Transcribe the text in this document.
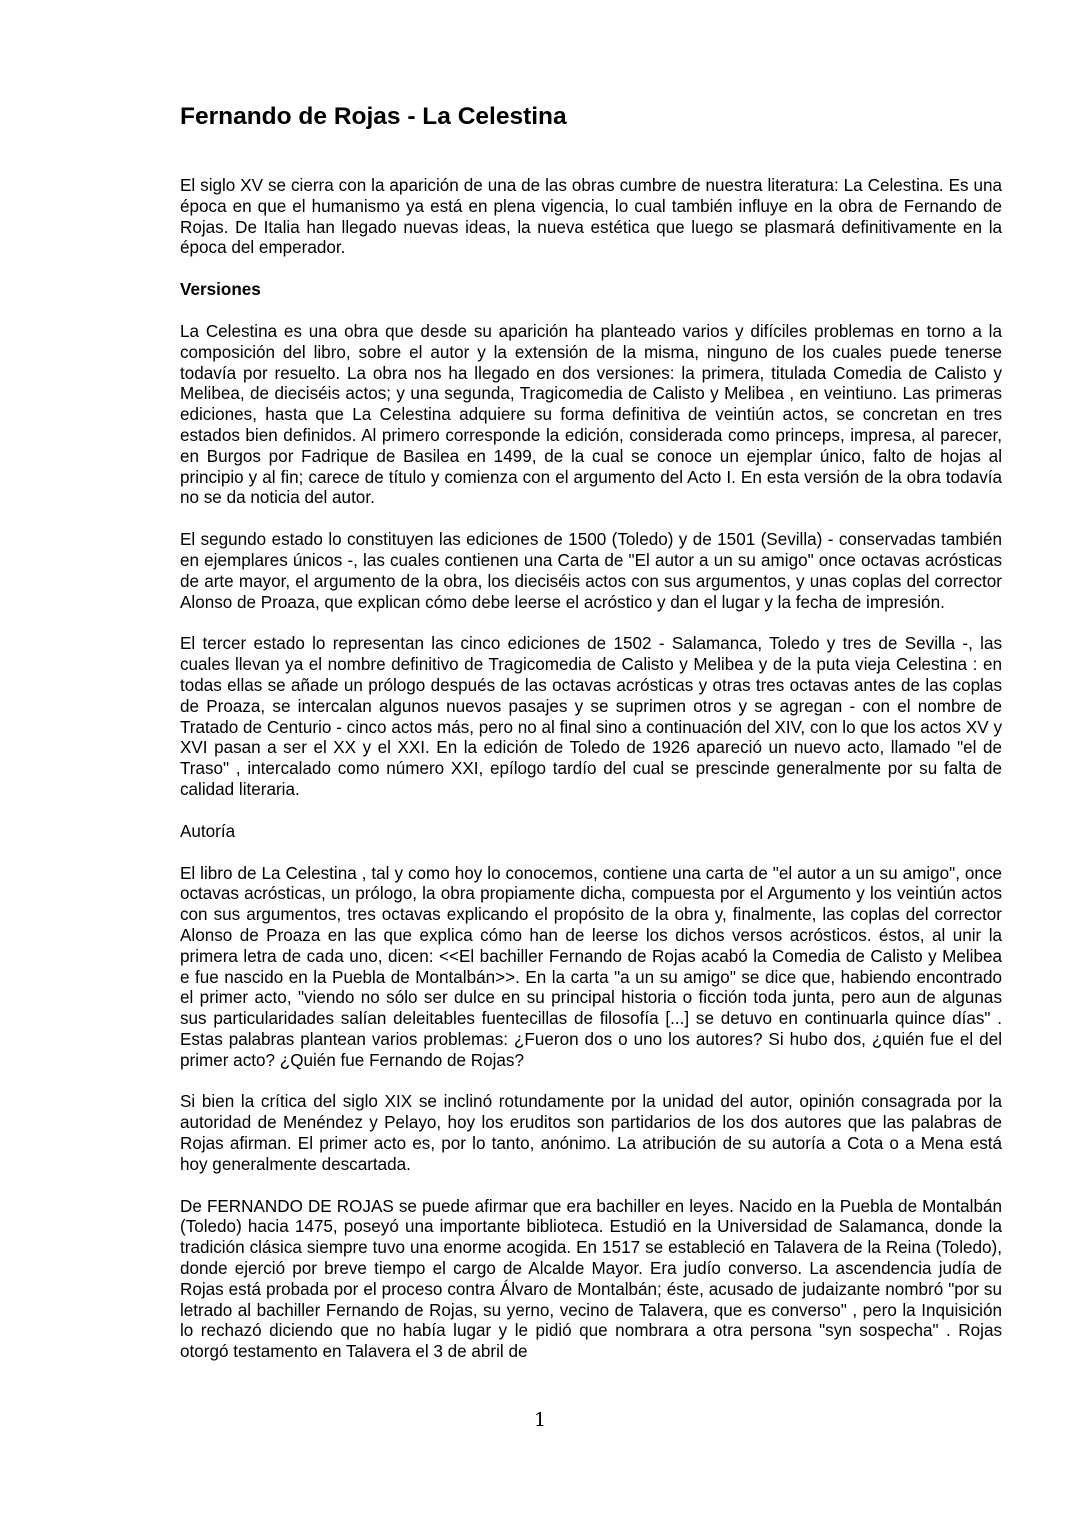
Fernando de Rojas - La Celestina

El siglo XV se cierra con la aparición de una de las obras cumbre de nuestra literatura: La Celestina. Es una época en que el humanismo ya está en plena vigencia, lo cual también influye en la obra de Fernando de Rojas. De Italia han llegado nuevas ideas, la nueva estética que luego se plasmará definitivamente en la época del emperador.

Versiones

La Celestina es una obra que desde su aparición ha planteado varios y difíciles problemas en torno a la composición del libro, sobre el autor y la extensión de la misma, ninguno de los cuales puede tenerse todavía por resuelto. La obra nos ha llegado en dos versiones: la primera, titulada Comedia de Calisto y Melibea, de dieciséis actos; y una segunda, Tragicomedia de Calisto y Melibea , en veintiuno. Las primeras ediciones, hasta que La Celestina adquiere su forma definitiva de veintiún actos, se concretan en tres estados bien definidos. Al primero corresponde la edición, considerada como princeps, impresa, al parecer, en Burgos por Fadrique de Basilea en 1499, de la cual se conoce un ejemplar único, falto de hojas al principio y al fin; carece de título y comienza con el argumento del Acto I. En esta versión de la obra todavía no se da noticia del autor.

El segundo estado lo constituyen las ediciones de 1500 (Toledo) y de 1501 (Sevilla) - conservadas también en ejemplares únicos -, las cuales contienen una Carta de "El autor a un su amigo" once octavas acrósticas de arte mayor, el argumento de la obra, los dieciséis actos con sus argumentos, y unas coplas del corrector Alonso de Proaza, que explican cómo debe leerse el acróstico y dan el lugar y la fecha de impresión.

El tercer estado lo representan las cinco ediciones de 1502 - Salamanca, Toledo y tres de Sevilla -, las cuales llevan ya el nombre definitivo de Tragicomedia de Calisto y Melibea y de la puta vieja Celestina : en todas ellas se añade un prólogo después de las octavas acrósticas y otras tres octavas antes de las coplas de Proaza, se intercalan algunos nuevos pasajes y se suprimen otros y se agregan - con el nombre de Tratado de Centurio - cinco actos más, pero no al final sino a continuación del XIV, con lo que los actos XV y XVI pasan a ser el XX y el XXI. En la edición de Toledo de 1926 apareció un nuevo acto, llamado "el de Traso" , intercalado como número XXI, epílogo tardío del cual se prescinde generalmente por su falta de calidad literaria.

Autoría

El libro de La Celestina , tal y como hoy lo conocemos, contiene una carta de "el autor a un su amigo", once octavas acrósticas, un prólogo, la obra propiamente dicha, compuesta por el Argumento y los veintiún actos con sus argumentos, tres octavas explicando el propósito de la obra y, finalmente, las coplas del corrector Alonso de Proaza en las que explica cómo han de leerse los dichos versos acrósticos. éstos, al unir la primera letra de cada uno, dicen: <<El bachiller Fernando de Rojas acabó la Comedia de Calisto y Melibea e fue nascido en la Puebla de Montalbán>>. En la carta "a un su amigo" se dice que, habiendo encontrado el primer acto, "viendo no sólo ser dulce en su principal historia o ficción toda junta, pero aun de algunas sus particularidades salían deleitables fuentecillas de filosofía [...] se detuvo en continuarla quince días" . Estas palabras plantean varios problemas: ¿Fueron dos o uno los autores? Si hubo dos, ¿quién fue el del primer acto? ¿Quién fue Fernando de Rojas?

Si bien la crítica del siglo XIX se inclinó rotundamente por la unidad del autor, opinión consagrada por la autoridad de Menéndez y Pelayo, hoy los eruditos son partidarios de los dos autores que las palabras de Rojas afirman. El primer acto es, por lo tanto, anónimo. La atribución de su autoría a Cota o a Mena está hoy generalmente descartada.

De FERNANDO DE ROJAS se puede afirmar que era bachiller en leyes. Nacido en la Puebla de Montalbán (Toledo) hacia 1475, poseyó una importante biblioteca. Estudió en la Universidad de Salamanca, donde la tradición clásica siempre tuvo una enorme acogida. En 1517 se estableció en Talavera de la Reina (Toledo), donde ejerció por breve tiempo el cargo de Alcalde Mayor. Era judío converso. La ascendencia judía de Rojas está probada por el proceso contra Álvaro de Montalbán; éste, acusado de judaizante nombró "por su letrado al bachiller Fernando de Rojas, su yerno, vecino de Talavera, que es converso" , pero la Inquisición lo rechazó diciendo que no había lugar y le pidió que nombrara a otra persona "syn sospecha" . Rojas otorgó testamento en Talavera el 3 de abril de

1
